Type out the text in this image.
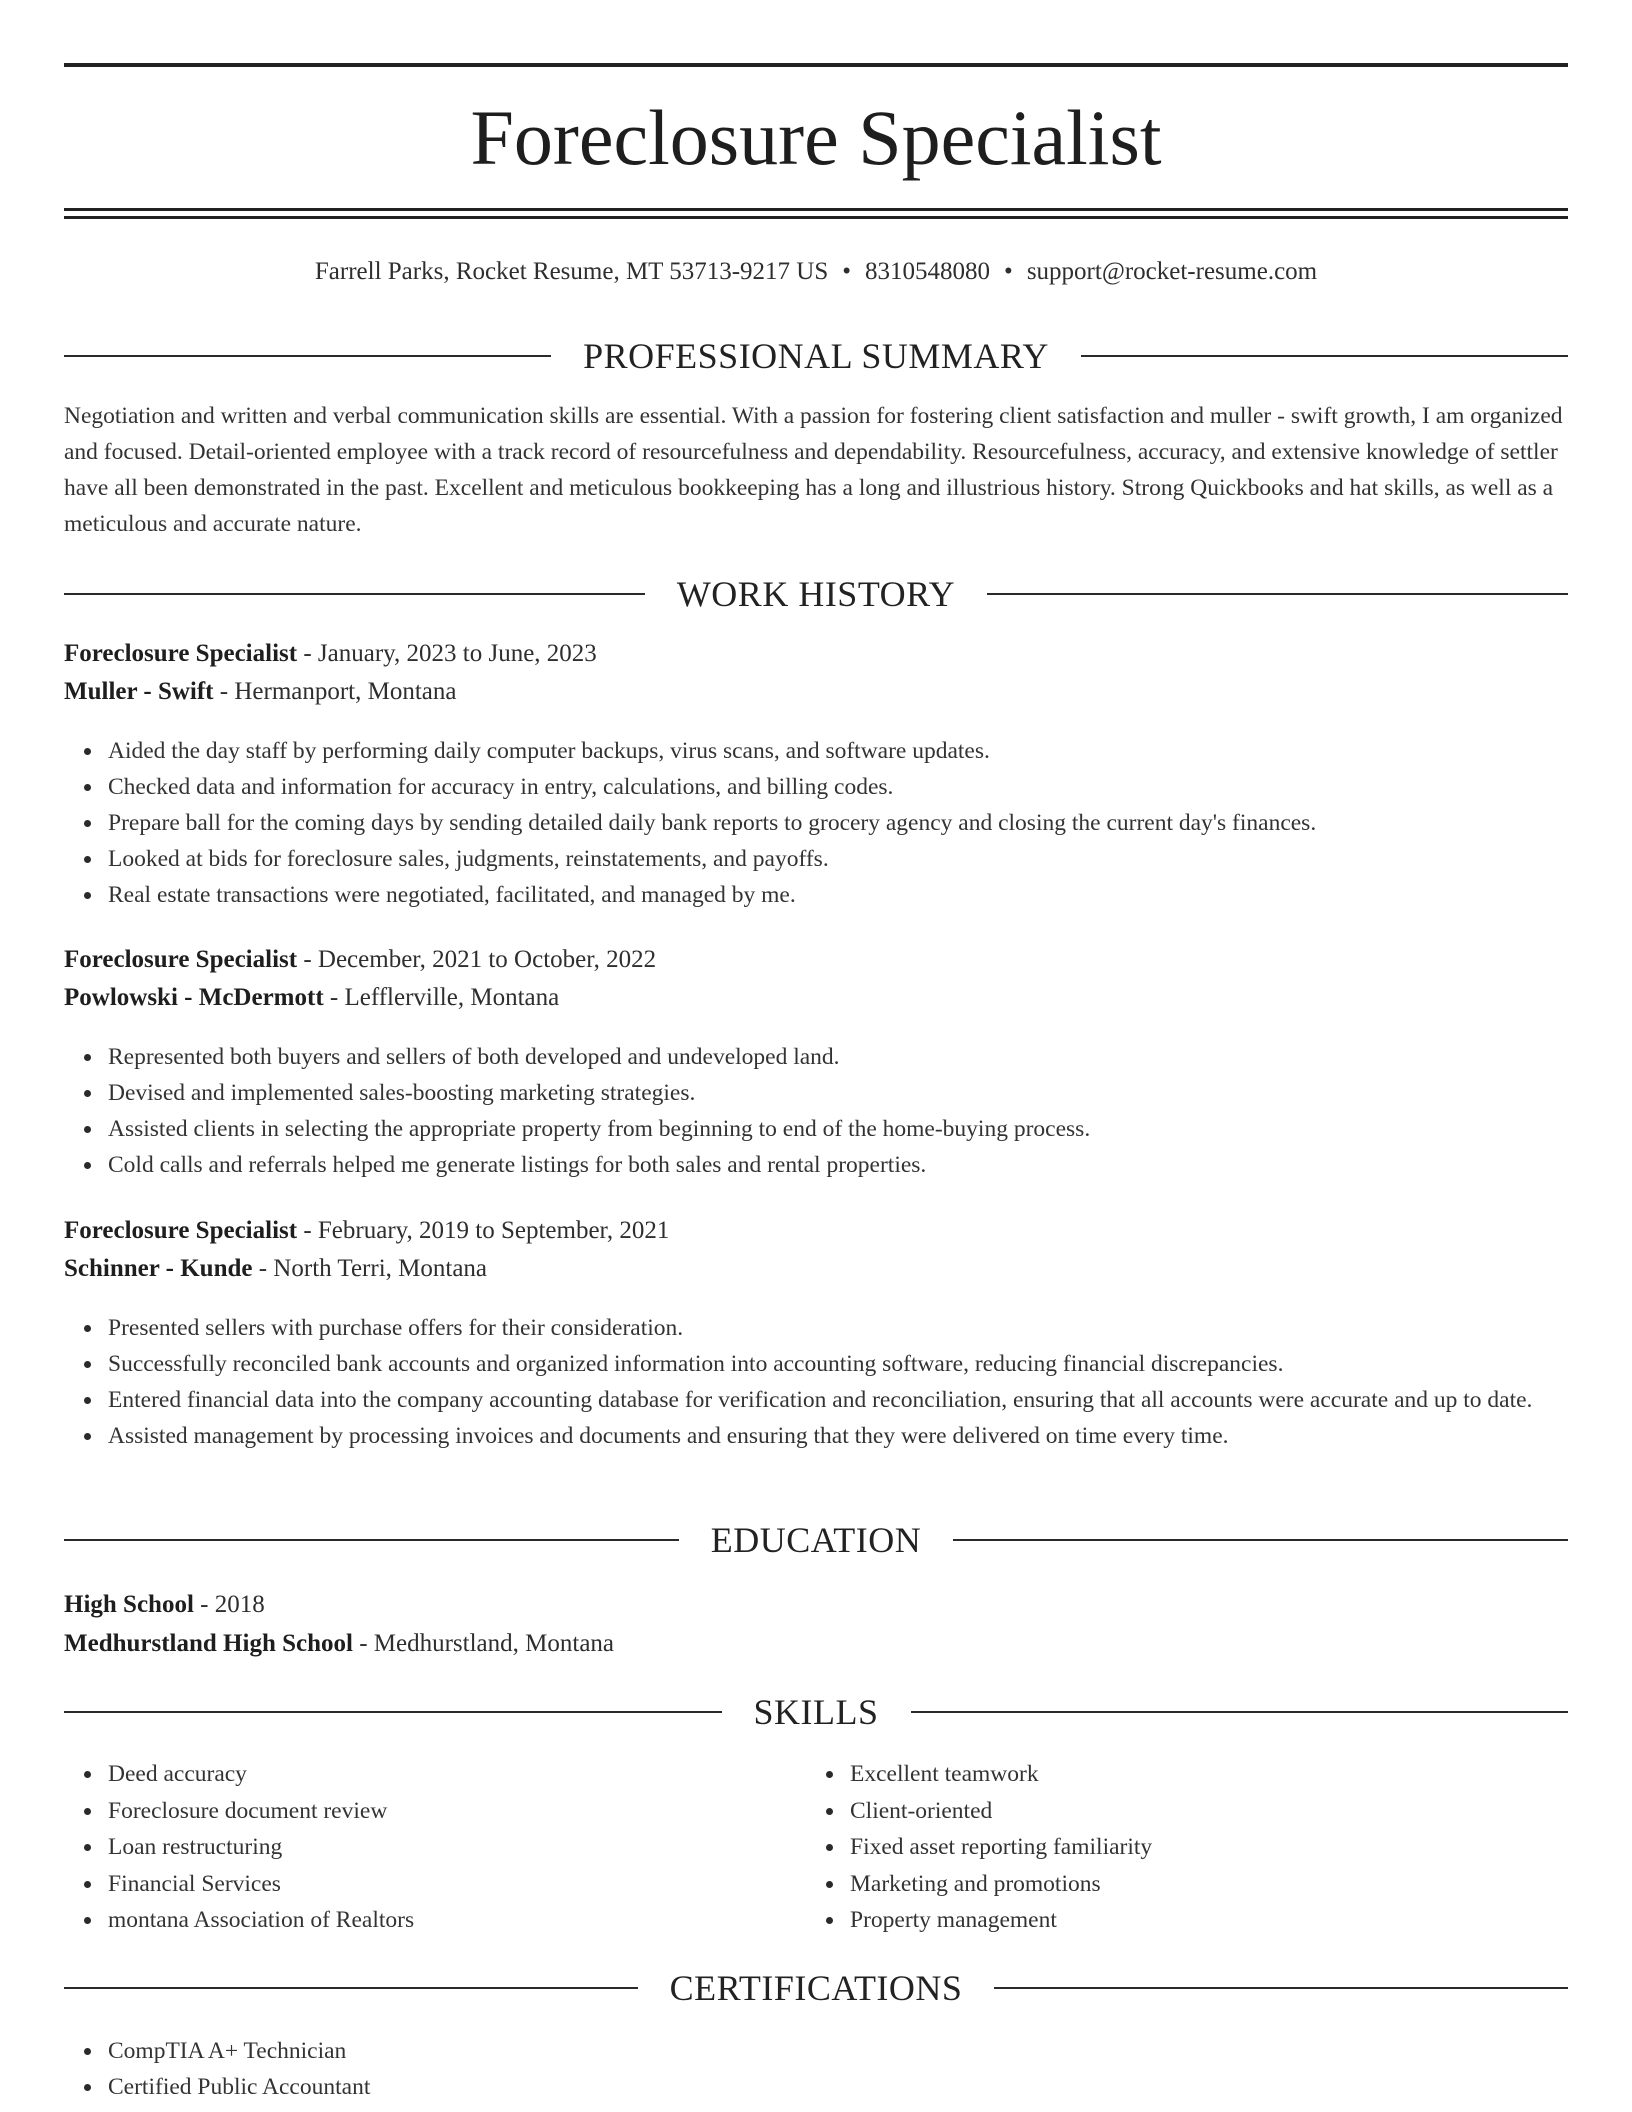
Foreclosure Specialist
Farrell Parks, Rocket Resume, MT 53713-9217 US • 8310548080 • support@rocket-resume.com
PROFESSIONAL SUMMARY
Negotiation and written and verbal communication skills are essential. With a passion for fostering client satisfaction and muller - swift growth, I am organized and focused. Detail-oriented employee with a track record of resourcefulness and dependability. Resourcefulness, accuracy, and extensive knowledge of settler have all been demonstrated in the past. Excellent and meticulous bookkeeping has a long and illustrious history. Strong Quickbooks and hat skills, as well as a meticulous and accurate nature.
WORK HISTORY
Foreclosure Specialist - January, 2023 to June, 2023
Muller - Swift - Hermanport, Montana
Aided the day staff by performing daily computer backups, virus scans, and software updates.
Checked data and information for accuracy in entry, calculations, and billing codes.
Prepare ball for the coming days by sending detailed daily bank reports to grocery agency and closing the current day's finances.
Looked at bids for foreclosure sales, judgments, reinstatements, and payoffs.
Real estate transactions were negotiated, facilitated, and managed by me.
Foreclosure Specialist - December, 2021 to October, 2022
Powlowski - McDermott - Lefflerville, Montana
Represented both buyers and sellers of both developed and undeveloped land.
Devised and implemented sales-boosting marketing strategies.
Assisted clients in selecting the appropriate property from beginning to end of the home-buying process.
Cold calls and referrals helped me generate listings for both sales and rental properties.
Foreclosure Specialist - February, 2019 to September, 2021
Schinner - Kunde - North Terri, Montana
Presented sellers with purchase offers for their consideration.
Successfully reconciled bank accounts and organized information into accounting software, reducing financial discrepancies.
Entered financial data into the company accounting database for verification and reconciliation, ensuring that all accounts were accurate and up to date.
Assisted management by processing invoices and documents and ensuring that they were delivered on time every time.
EDUCATION
High School - 2018
Medhurstland High School - Medhurstland, Montana
SKILLS
Deed accuracy
Foreclosure document review
Loan restructuring
Financial Services
montana Association of Realtors
Excellent teamwork
Client-oriented
Fixed asset reporting familiarity
Marketing and promotions
Property management
CERTIFICATIONS
CompTIA A+ Technician
Certified Public Accountant
